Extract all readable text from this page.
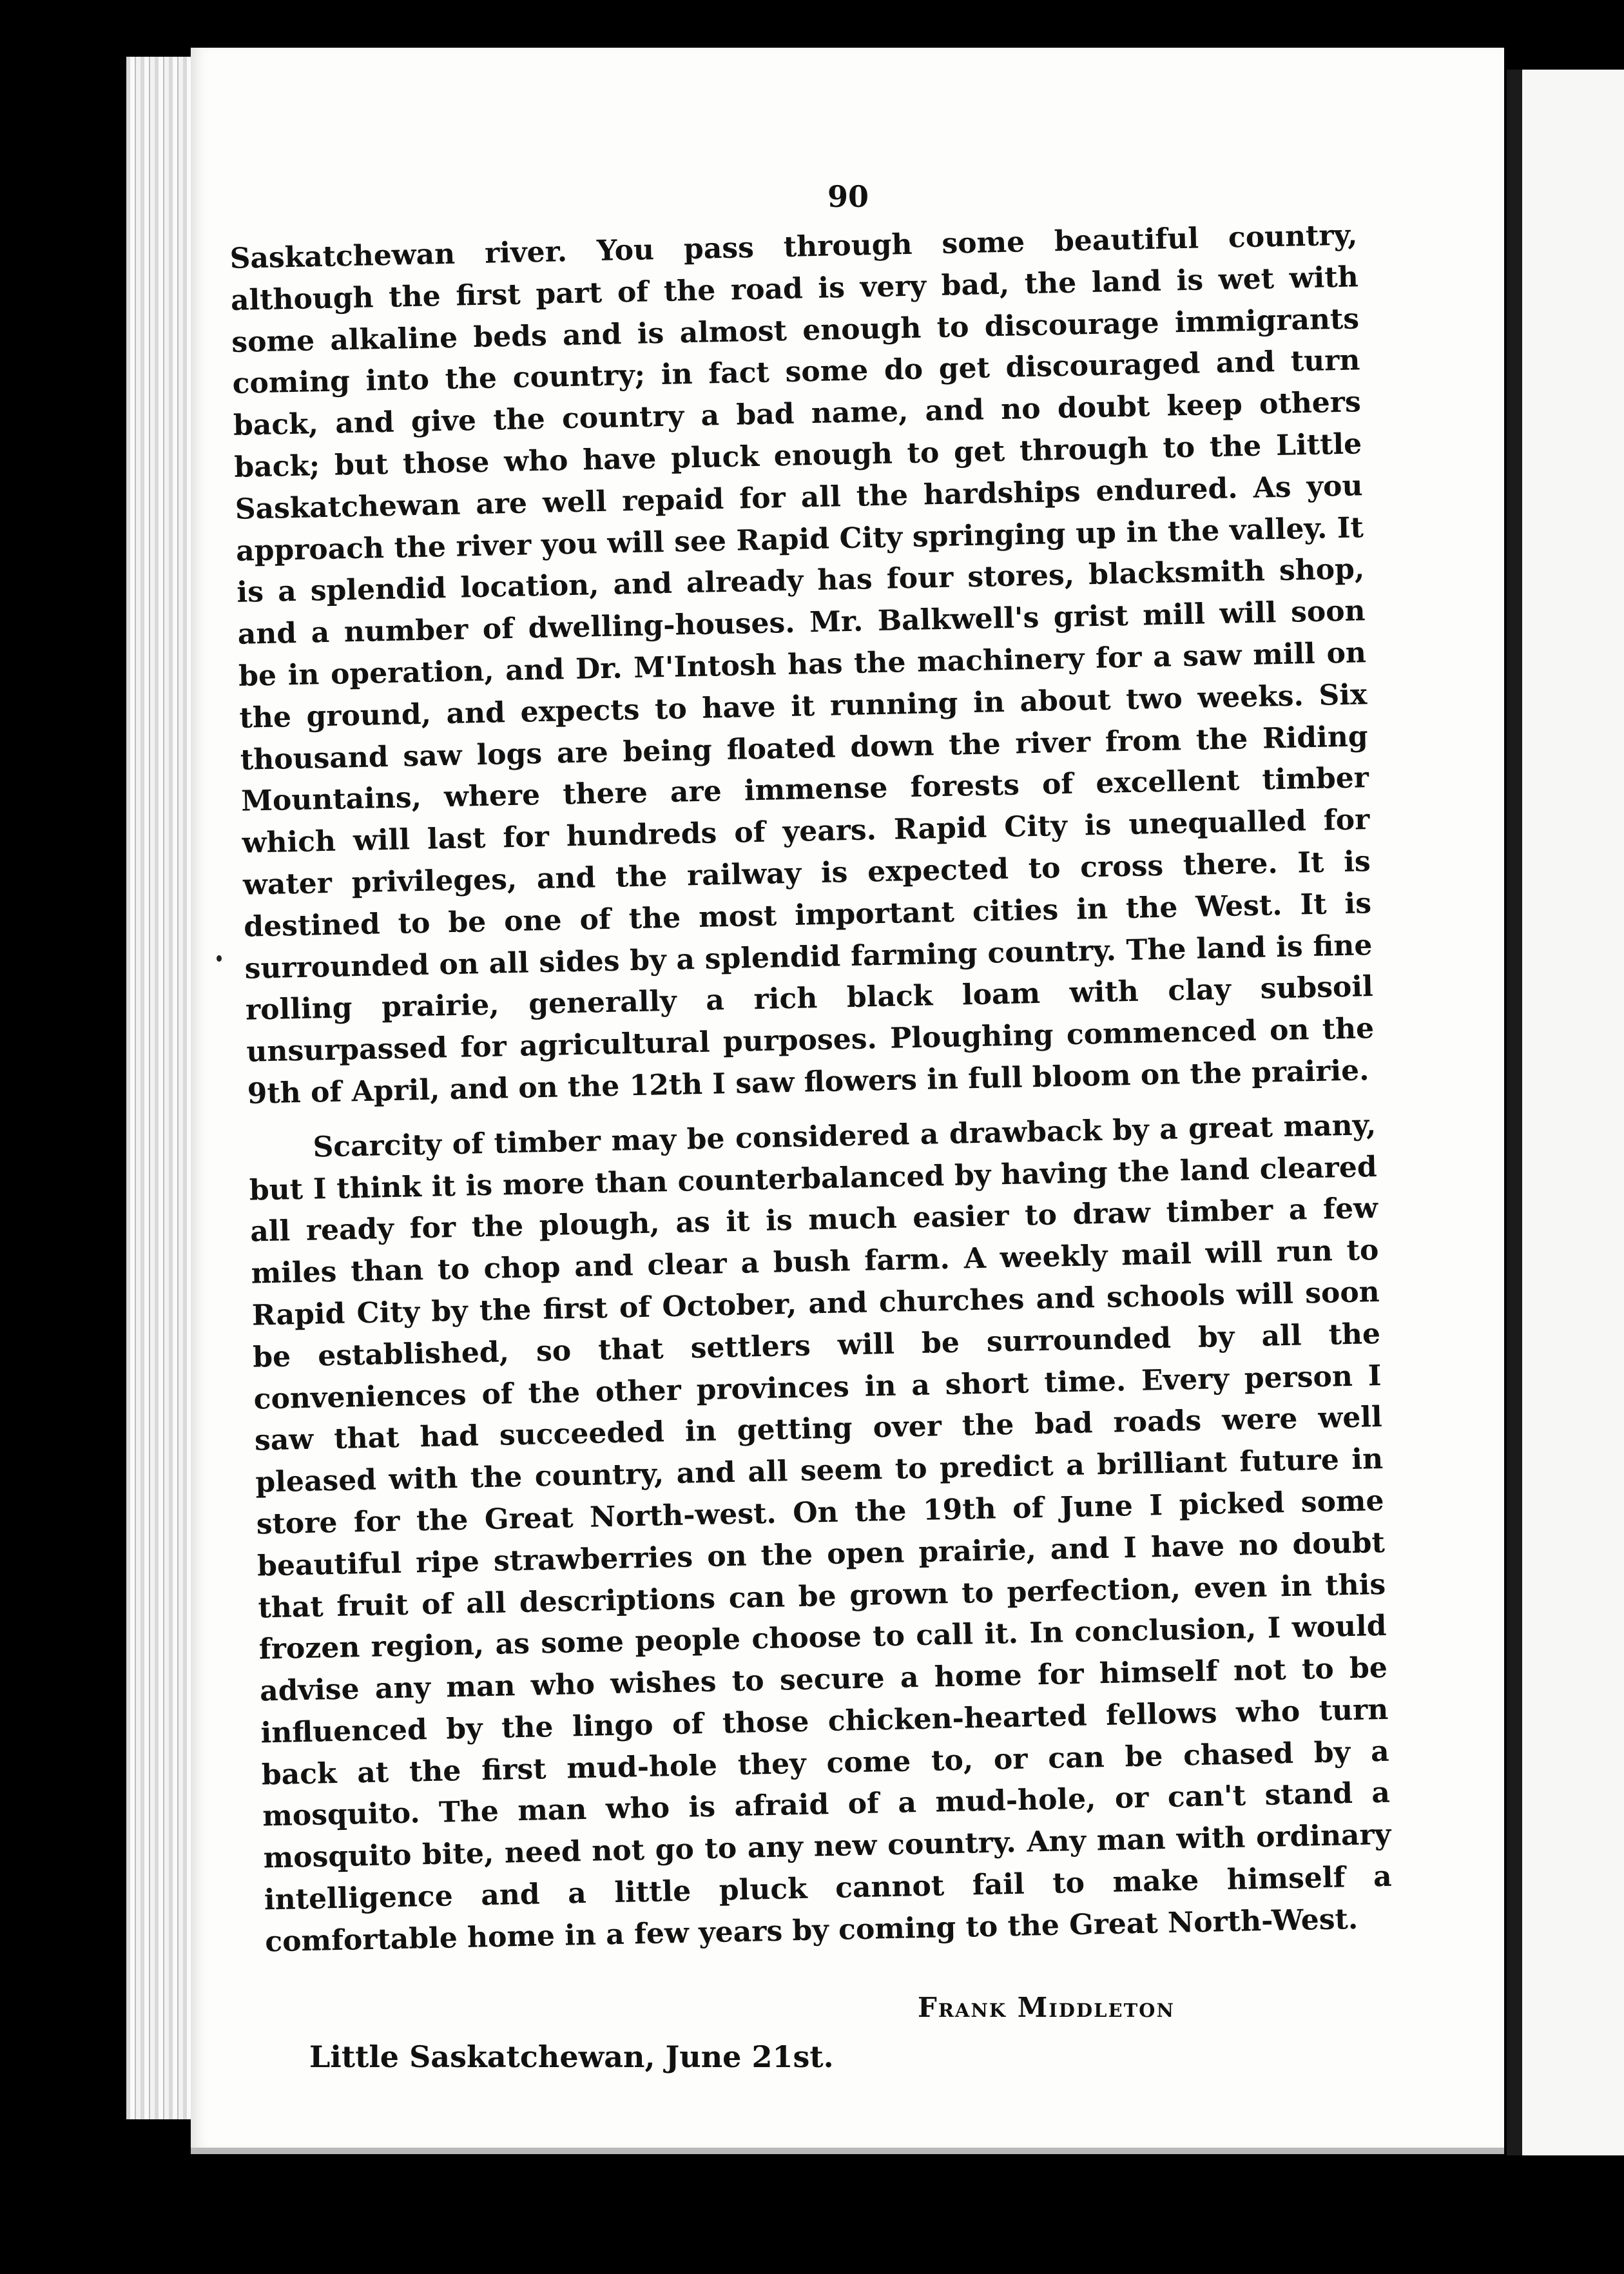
90

Saskatchewan river. You pass through some beautiful country, although the first part of the road is very bad, the land is wet with some alkaline beds and is almost enough to discourage immigrants coming into the country; in fact some do get discouraged and turn back, and give the country a bad name, and no doubt keep others back; but those who have pluck enough to get through to the Little Saskatchewan are well repaid for all the hardships endured. As you approach the river you will see Rapid City springing up in the valley. It is a splendid location, and already has four stores, blacksmith shop, and a number of dwelling-houses. Mr. Balkwell's grist mill will soon be in operation, and Dr. M'Intosh has the machinery for a saw mill on the ground, and expects to have it running in about two weeks. Six thousand saw logs are being floated down the river from the Riding Mountains, where there are immense forests of excellent timber which will last for hundreds of years. Rapid City is unequalled for water privileges, and the railway is expected to cross there. It is destined to be one of the most important cities in the West. It is surrounded on all sides by a splendid farming country. The land is fine rolling prairie, generally a rich black loam with clay subsoil unsurpassed for agricultural purposes. Ploughing commenced on the 9th of April, and on the 12th I saw flowers in full bloom on the prairie.

Scarcity of timber may be considered a drawback by a great many, but I think it is more than counterbalanced by having the land cleared all ready for the plough, as it is much easier to draw timber a few miles than to chop and clear a bush farm. A weekly mail will run to Rapid City by the first of October, and churches and schools will soon be established, so that settlers will be surrounded by all the conveniences of the other provinces in a short time. Every person I saw that had succeeded in getting over the bad roads were well pleased with the country, and all seem to predict a brilliant future in store for the Great North-west. On the 19th of June I picked some beautiful ripe strawberries on the open prairie, and I have no doubt that fruit of all descriptions can be grown to perfection, even in this frozen region, as some people choose to call it. In conclusion, I would advise any man who wishes to secure a home for himself not to be influenced by the lingo of those chicken-hearted fellows who turn back at the first mud-hole they come to, or can be chased by a mosquito. The man who is afraid of a mud-hole, or can't stand a mosquito bite, need not go to any new country. Any man with ordinary intelligence and a little pluck cannot fail to make himself a comfortable home in a few years by coming to the Great North-West.

Frank Middleton
Little Saskatchewan, June 21st.
